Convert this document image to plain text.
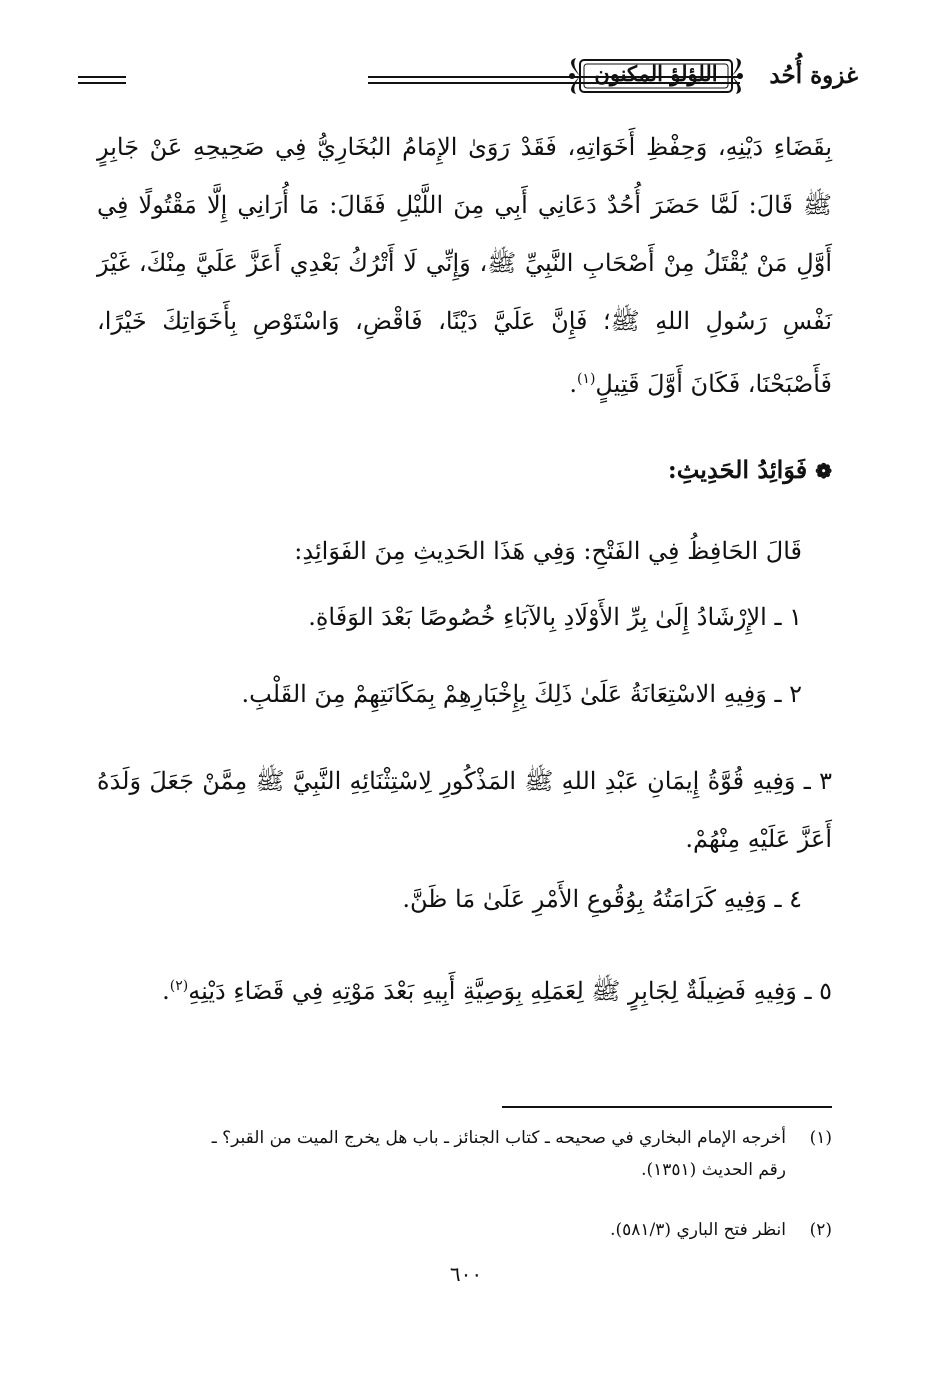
غزوة أُحُد
اللؤلؤ المكنون
بِقَضَاءِ دَيْنِهِ، وَحِفْظِ أَخَوَاتِهِ، فَقَدْ رَوَىٰ الإِمَامُ البُخَارِيُّ فِي صَحِيحِهِ عَنْ جَابِرٍ ﷺ قَالَ: لَمَّا حَضَرَ أُحُدٌ دَعَانِي أَبِي مِنَ اللَّيْلِ فَقَالَ: مَا أُرَانِي إِلَّا مَقْتُولًا فِي أَوَّلِ مَنْ يُقْتَلُ مِنْ أَصْحَابِ النَّبِيِّ ﷺ، وَإِنِّي لَا أَتْرُكُ بَعْدِي أَعَزَّ عَلَيَّ مِنْكَ، غَيْرَ نَفْسِ رَسُولِ اللهِ ﷺ؛ فَإِنَّ عَلَيَّ دَيْنًا، فَاقْضِ، وَاسْتَوْصِ بِأَخَوَاتِكَ خَيْرًا، فَأَصْبَحْنَا، فَكَانَ أَوَّلَ قَتِيلٍ$^{(١)}$.
❁فَوَائِدُ الحَدِيثِ:
قَالَ الحَافِظُ فِي الفَتْحِ: وَفِي هَذَا الحَدِيثِ مِنَ الفَوَائِدِ:
١ ـ الإِرْشَادُ إِلَىٰ بِرِّ الأَوْلَادِ بِالآبَاءِ خُصُوصًا بَعْدَ الوَفَاةِ.
٢ ـ وَفِيهِ الاسْتِعَانَةُ عَلَىٰ ذَلِكَ بِإِخْبَارِهِمْ بِمَكَانَتِهِمْ مِنَ القَلْبِ.
٣ ـ وَفِيهِ قُوَّةُ إِيمَانِ عَبْدِ اللهِ ﷺ المَذْكُورِ لِاسْتِثْنَائِهِ النَّبِيَّ ﷺ مِمَّنْ جَعَلَ وَلَدَهُ أَعَزَّ عَلَيْهِ مِنْهُمْ.
٤ ـ وَفِيهِ كَرَامَتُهُ بِوُقُوعِ الأَمْرِ عَلَىٰ مَا ظَنَّ.
٥ ـ وَفِيهِ فَضِيلَةٌ لِجَابِرٍ ﷺ لِعَمَلِهِ بِوَصِيَّةِ أَبِيهِ بَعْدَ مَوْتِهِ فِي قَضَاءِ دَيْنِهِ$^{(٢)}$.
(١)أخرجه الإمام البخاري في صحيحه ـ كتاب الجنائز ـ باب هل يخرج الميت من القبر؟ ـ
رقم الحديث (١٣٥١).
(٢)انظر فتح الباري (٥٨١/٣).
٦٠٠
